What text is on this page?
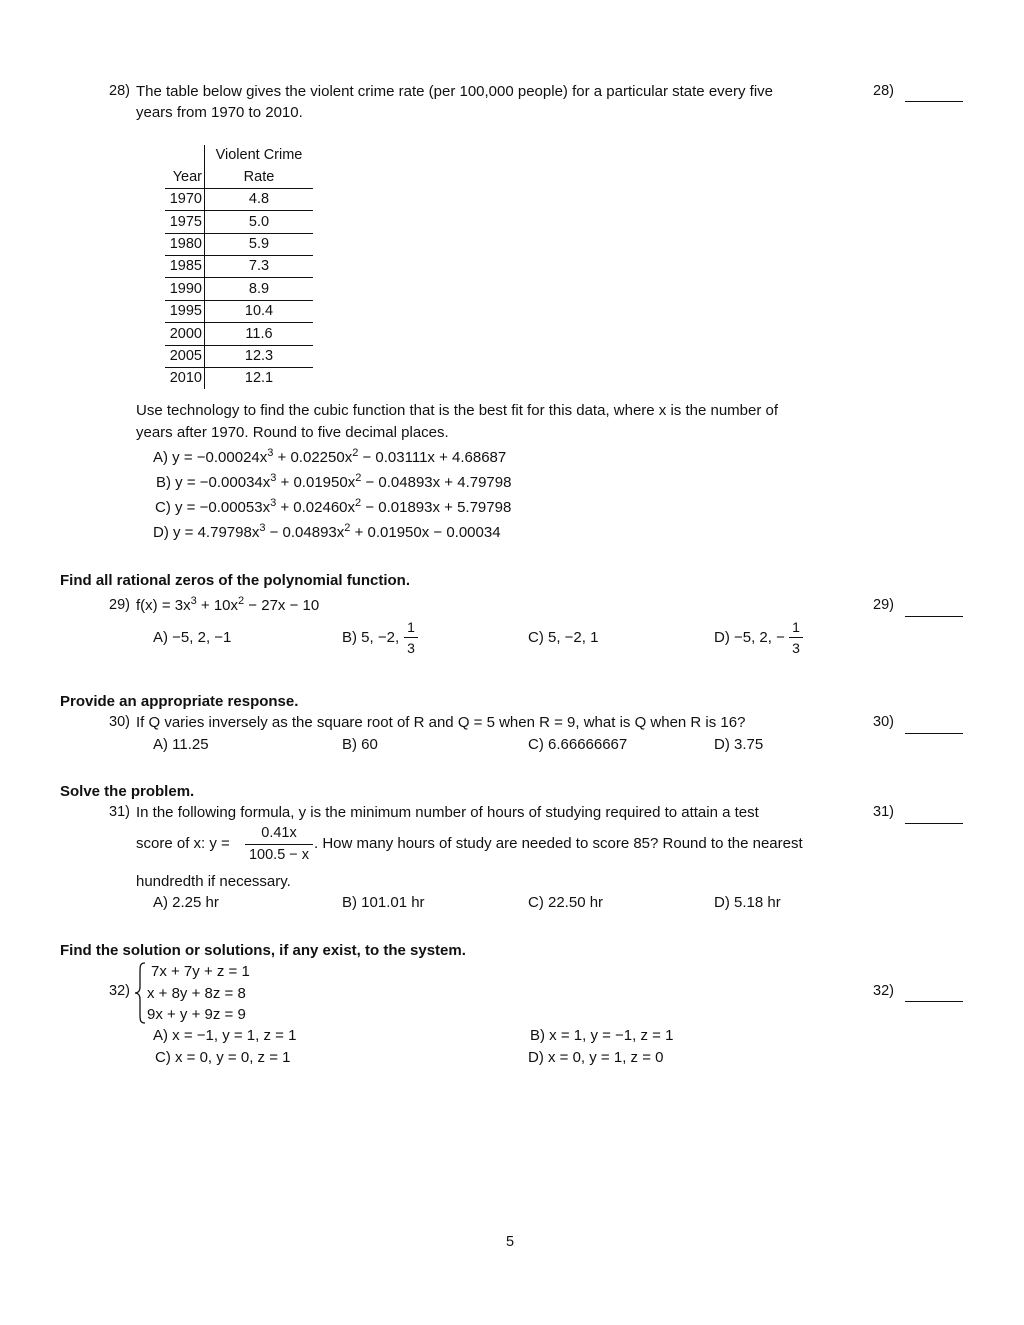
28) The table below gives the violent crime rate (per 100,000 people) for a particular state every five
years from 1970 to 2010.
28)
	Violent Crime
Year	Rate
1970	4.8
1975	5.0
1980	5.9
1985	7.3
1990	8.9
1995	10.4
2000	11.6
2005	12.3
2010	12.1
Use technology to find the cubic function that is the best fit for this data, where x is the number of
years after 1970. Round to five decimal places.
A) $y = -0.00024x^3 + 0.02250x^2 - 0.03111x + 4.68687$
B) $y = -0.00034x^3 + 0.01950x^2 - 0.04893x + 4.79798$
C) $y = -0.00053x^3 + 0.02460x^2 - 0.01893x + 5.79798$
D) $y = 4.79798x^3 - 0.04893x^2 + 0.01950x - 0.00034$
Find all rational zeros of the polynomial function.
29) $f(x) = 3x^3 + 10x^2 - 27x - 10$	29)
A) −5, 2, −1	B) 5, −2, $\frac{1}{3}$	C) 5, −2, 1	D) −5, 2, − $\frac{1}{3}$
Provide an appropriate response.
30) If Q varies inversely as the square root of R and Q = 5 when R = 9, what is Q when R is 16?	30)
A) 11.25	B) 60	C) 6.66666667	D) 3.75
Solve the problem.
31) In the following formula, y is the minimum number of hours of studying required to attain a test	31)
score of x: $y = \frac{0.41x}{100.5 - x}$ . How many hours of study are needed to score 85? Round to the nearest
hundredth if necessary.
A) 2.25 hr	B) 101.01 hr	C) 22.50 hr	D) 5.18 hr
Find the solution or solutions, if any exist, to the system.
32)
7x + 7y + z = 1
x + 8y + 8z = 8
9x + y + 9z = 9
32)
A) x = −1, y = 1, z = 1	B) x = 1, y = −1, z = 1
C) x = 0, y = 0, z = 1	D) x = 0, y = 1, z = 0
5
